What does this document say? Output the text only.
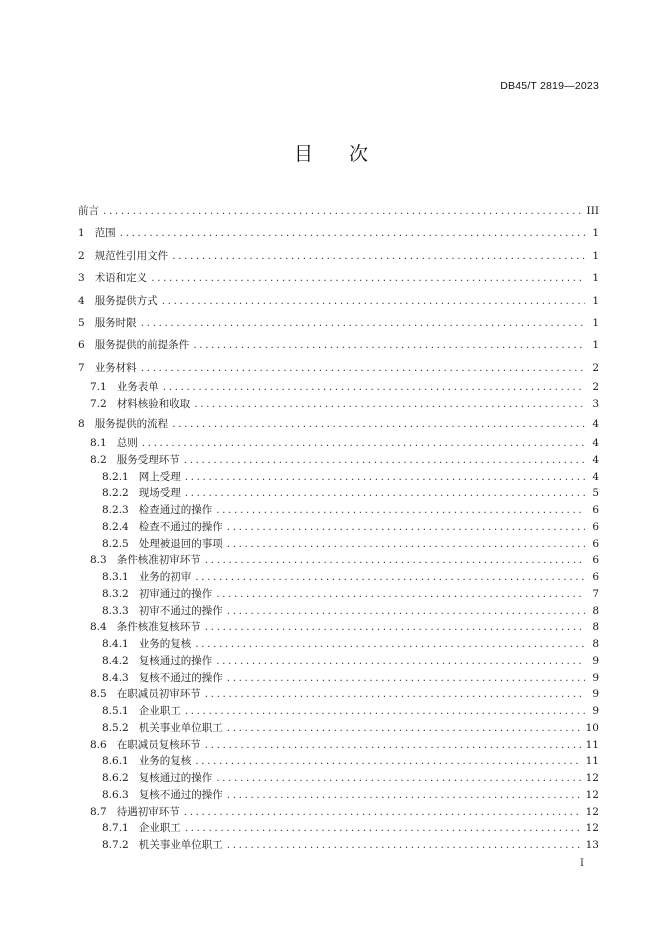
DB45/T 2819—2023
目 次
前言 .....	III
1 范围 .....	1
2 规范性引用文件 .....	1
3 术语和定义 .....	1
4 服务提供方式 .....	1
5 服务时限 .....	1
6 服务提供的前提条件 .....	1
7 业务材料 .....	2
7.1 业务表单 .....	2
7.2 材料核验和收取 .....	3
8 服务提供的流程 .....	4
8.1 总则 .....	4
8.2 服务受理环节 .....	4
8.2.1 网上受理 .....	4
8.2.2 现场受理 .....	5
8.2.3 检查通过的操作 .....	6
8.2.4 检查不通过的操作 .....	6
8.2.5 处理被退回的事项 .....	6
8.3 条件核准初审环节 .....	6
8.3.1 业务的初审 .....	6
8.3.2 初审通过的操作 .....	7
8.3.3 初审不通过的操作 .....	8
8.4 条件核准复核环节 .....	8
8.4.1 业务的复核 .....	8
8.4.2 复核通过的操作 .....	9
8.4.3 复核不通过的操作 .....	9
8.5 在职减员初审环节 .....	9
8.5.1 企业职工 .....	9
8.5.2 机关事业单位职工 .....	10
8.6 在职减员复核环节 .....	11
8.6.1 业务的复核 .....	11
8.6.2 复核通过的操作 .....	12
8.6.3 复核不通过的操作 .....	12
8.7 待遇初审环节 .....	12
8.7.1 企业职工 .....	12
8.7.2 机关事业单位职工 .....	13
I
